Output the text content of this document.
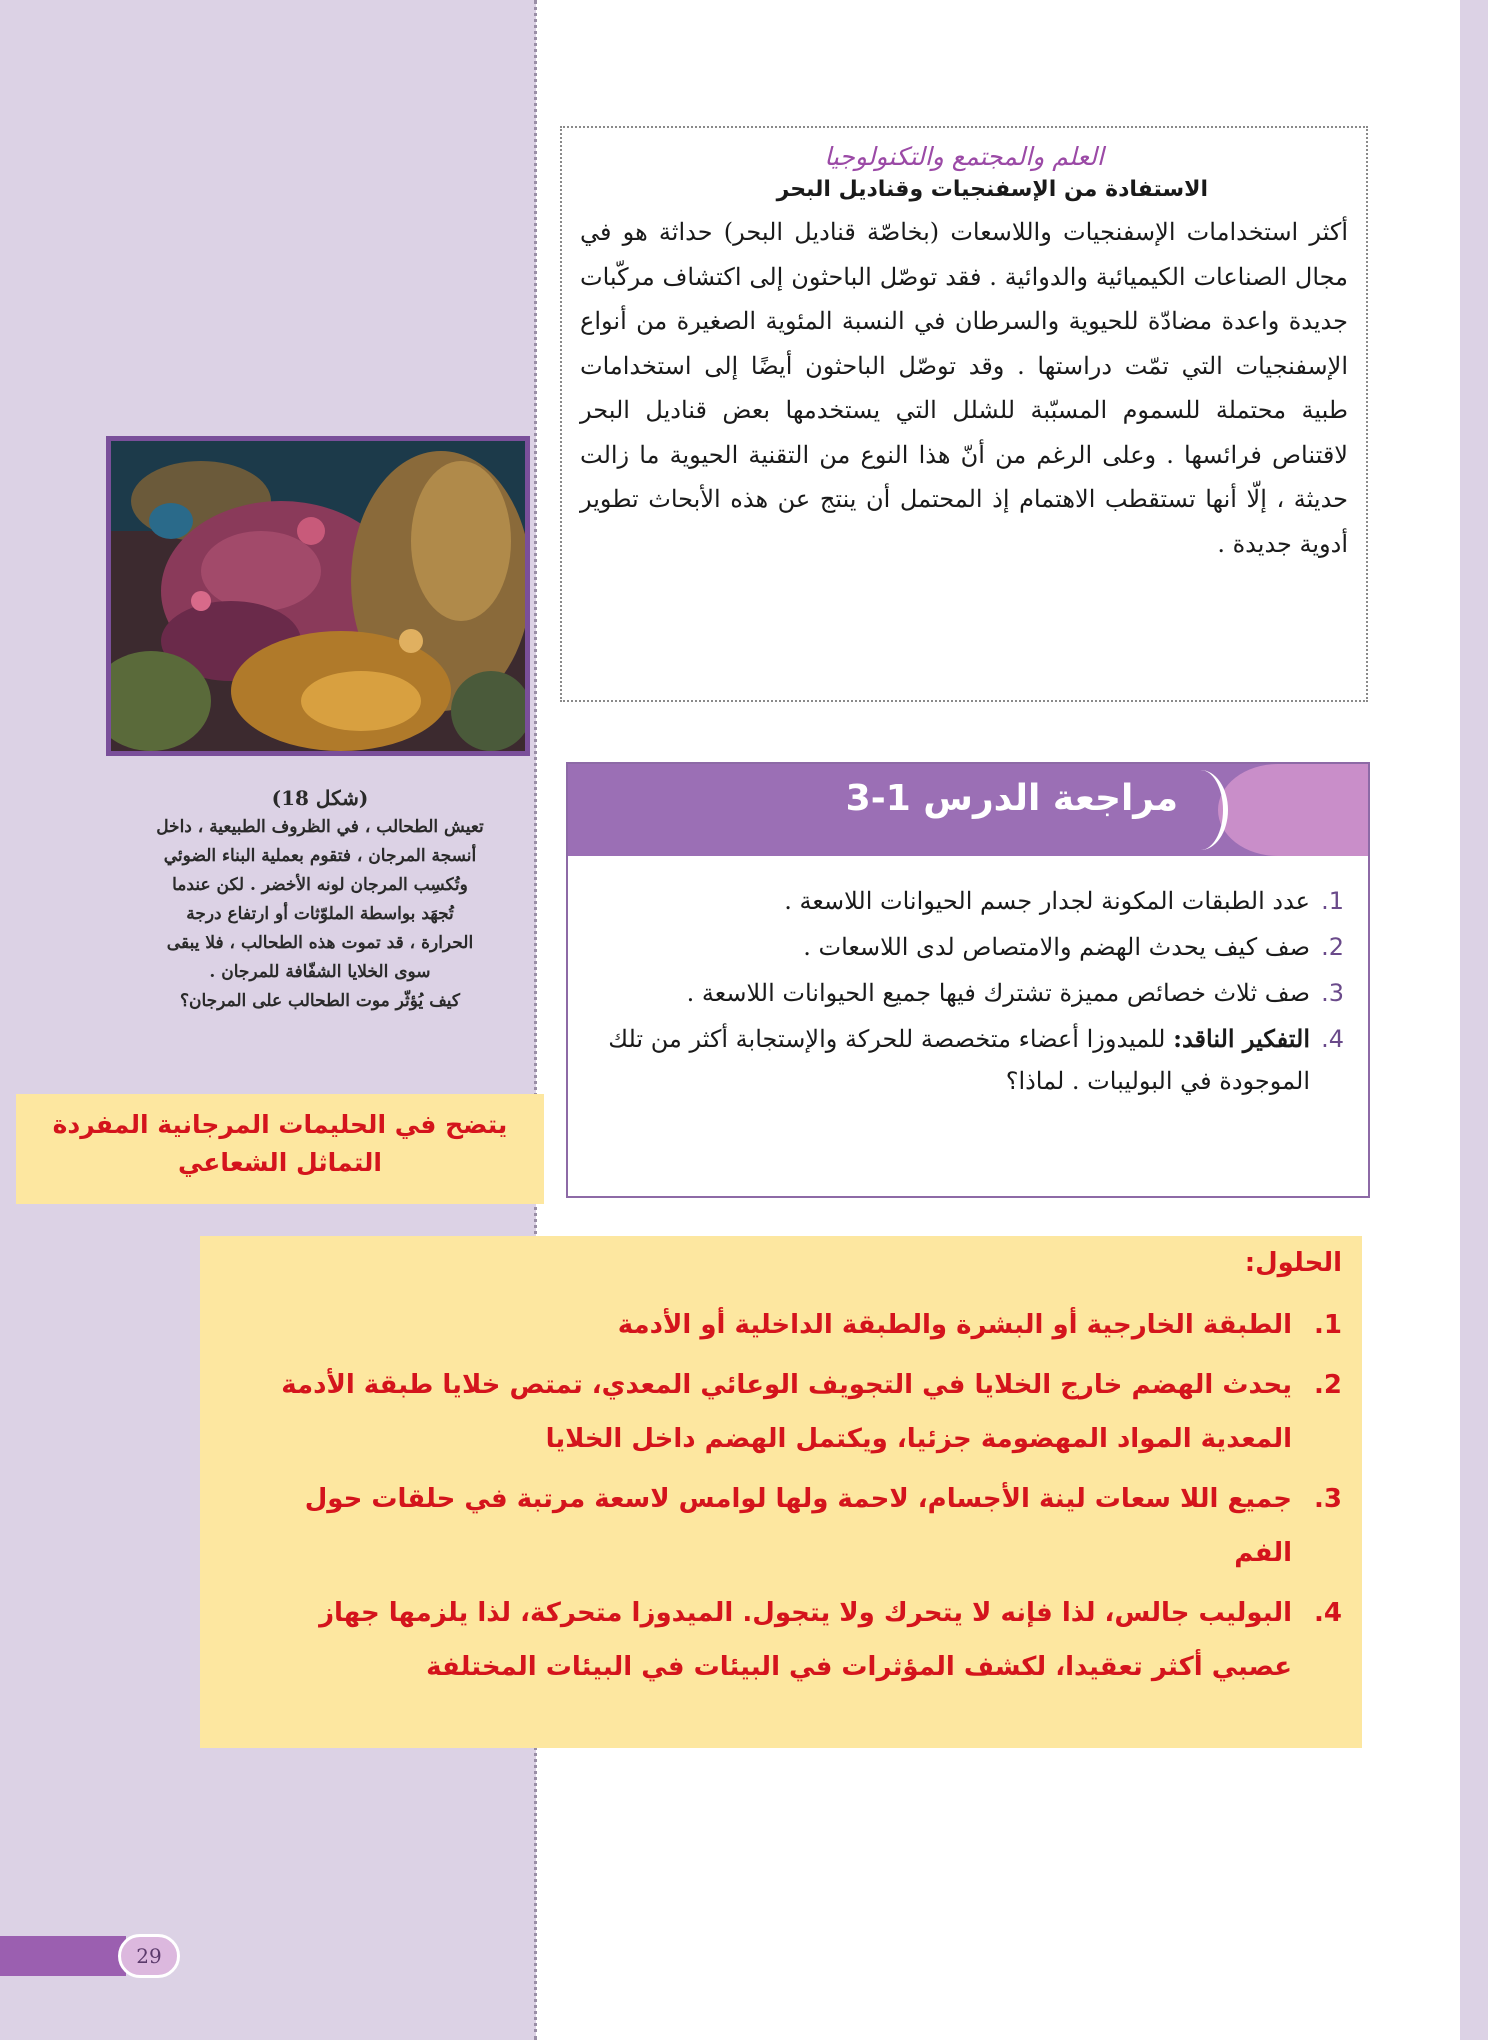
(شكل 18)
تعيش الطحالب ، في الظروف الطبيعية ، داخل
أنسجة المرجان ، فتقوم بعملية البناء الضوئي
وتُكسِب المرجان لونه الأخضر . لكن عندما
تُجهَد بواسطة الملوّثات أو ارتفاع درجة
الحرارة ، قد تموت هذه الطحالب ، فلا يبقى
سوى الخلايا الشفّافة للمرجان .
كيف يُؤثّر موت الطحالب على المرجان؟
يتضح في الحليمات المرجانية المفردة
التماثل الشعاعي
العلم والمجتمع والتكنولوجيا
الاستفادة من الإسفنجيات وقناديل البحر

أكثر استخدامات الإسفنجيات واللاسعات (بخاصّة قناديل البحر) حداثة هو في مجال الصناعات الكيميائية والدوائية . فقد توصّل الباحثون إلى اكتشاف مركّبات جديدة واعدة مضادّة للحيوية والسرطان في النسبة المئوية الصغيرة من أنواع الإسفنجيات التي تمّت دراستها . وقد توصّل الباحثون أيضًا إلى استخدامات طبية محتملة للسموم المسبّبة للشلل التي يستخدمها بعض قناديل البحر لاقتناص فرائسها . وعلى الرغم من أنّ هذا النوع من التقنية الحيوية ما زالت حديثة ، إلّا أنها تستقطب الاهتمام إذ المحتمل أن ينتج عن هذه الأبحاث تطوير أدوية جديدة .

مراجعة الدرس 1-3
1.
عدد الطبقات المكونة لجدار جسم الحيوانات اللاسعة .
2.
صف كيف يحدث الهضم والامتصاص لدى اللاسعات .
3.
صف ثلاث خصائص مميزة تشترك فيها جميع الحيوانات اللاسعة .
4.
التفكير الناقد: للميدوزا أعضاء متخصصة للحركة والإستجابة أكثر من تلك الموجودة في البوليبات . لماذا؟
الحلول:
1.
الطبقة الخارجية أو البشرة والطبقة الداخلية أو الأدمة
2.
يحدث الهضم خارج الخلايا في التجويف الوعائي المعدي، تمتص خلايا طبقة الأدمة المعدية المواد المهضومة جزئيا، ويكتمل الهضم داخل الخلايا
3.
جميع اللا سعات لينة الأجسام، لاحمة ولها لوامس لاسعة مرتبة في حلقات حول الفم
4.
البوليب جالس، لذا فإنه لا يتحرك ولا يتجول. الميدوزا متحركة، لذا يلزمها جهاز عصبي أكثر تعقيدا، لكشف المؤثرات في البيئات في البيئات المختلفة
29
